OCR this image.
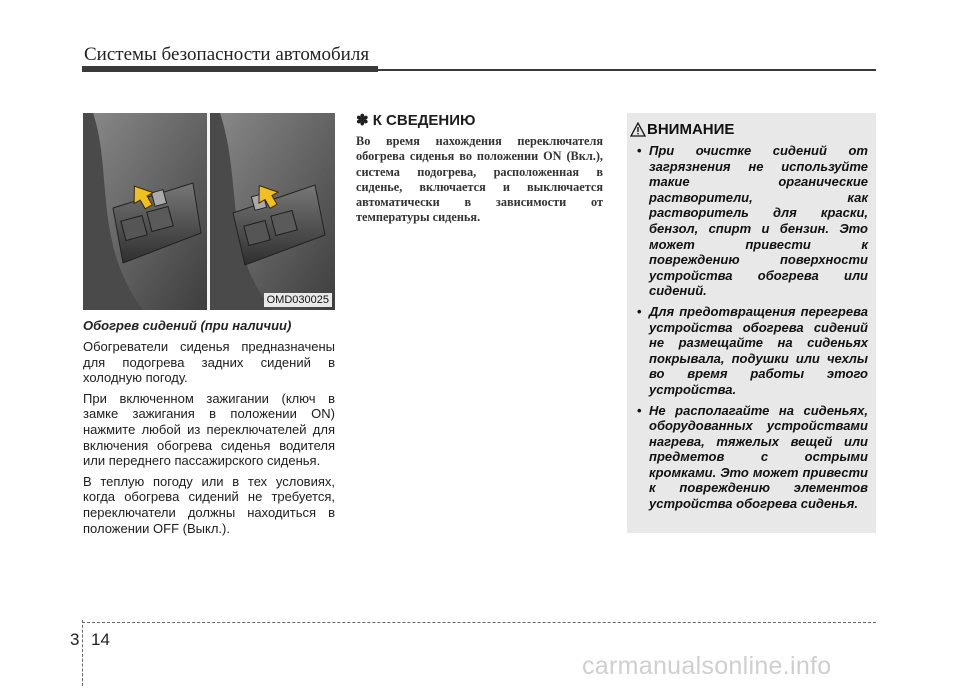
Системы безопасности автомобиля
OMD030025
Обогрев сидений (при наличии)

Обогреватели сиденья предназначены для подогрева задних сидений в холодную погоду.

При включенном зажигании (ключ в замке зажигания в положении ON) нажмите любой из переключателей для включения обогрева сиденья водителя или переднего пассажирского сиденья.

В теплую погоду или в тех условиях, когда обогрева сидений не требуется, переключатели должны находиться в положении OFF (Выкл.).

✽ К СВЕДЕНИЮ

Во время нахождения переключателя обогрева сиденья во положении ON (Вкл.), система подогрева, расположенная в сиденье, включается и выключается автоматически в зависимости от температуры сиденья.

ВНИМАНИЕ
• При очистке сидений от загрязнения не используйте такие органические растворители, как растворитель для краски, бензол, спирт и бензин. Это может привести к повреждению поверхности устройства обогрева или сидений.
• Для предотвращения перегрева устройства обогрева сидений не размещайте на сиденьях покрывала, подушки или чехлы во время работы этого устройства.
• Не располагайте на сиденьях, оборудованных устройствами нагрева, тяжелых вещей или предметов с острыми кромками. Это может привести к повреждению элементов устройства обогрева сиденья.
3 14
carmanualsonline.info
